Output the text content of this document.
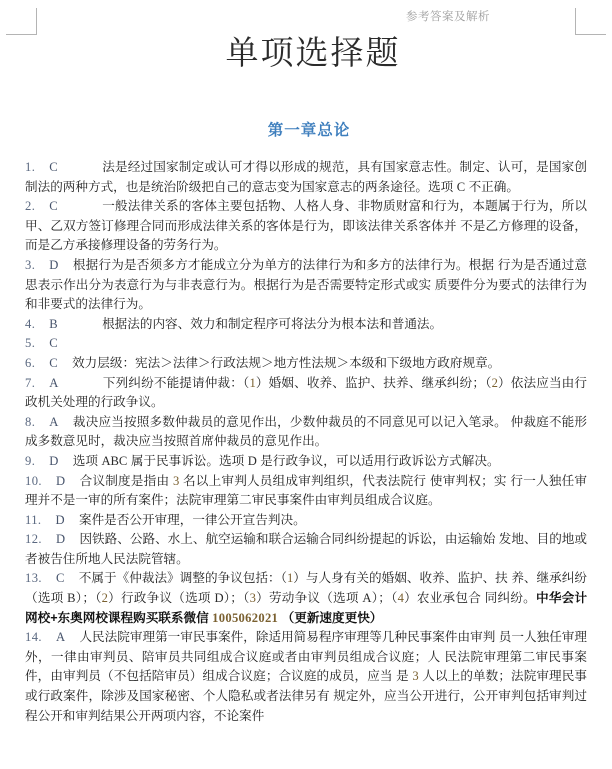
参考答案及解析
单项选择题
第一章总论

1. C	法是经过国家制定或认可才得以形成的规范，具有国家意志性。制定、认可，是国家创制法的两种方式，也是统治阶级把自己的意志变为国家意志的两条途径。选项 C 不正确。

2. C	一般法律关系的客体主要包括物、人格人身、非物质财富和行为，本题属于行为，所以甲、乙双方签订修理合同而形成法律关系的客体是行为，即该法律关系客体并 不是乙方修理的设备，而是乙方承接修理设备的劳务行为。

3. D 根据行为是否须多方才能成立分为单方的法律行为和多方的法律行为。根据 行为是否通过意思表示作出分为表意行为与非表意行为。根据行为是否需要特定形式或实 质要件分为要式的法律行为和非要式的法律行为。

4. B	根据法的内容、效力和制定程序可将法分为根本法和普通法。

5. C

6. C 效力层级：宪法＞法律＞行政法规＞地方性法规＞本级和下级地方政府规章。

7. A	下列纠纷不能提请仲裁：（1）婚姻、收养、监护、扶养、继承纠纷；（2）依法应当由行政机关处理的行政争议。

8. A 裁决应当按照多数仲裁员的意见作出，少数仲裁员的不同意见可以记入笔录。 仲裁庭不能形成多数意见时，裁决应当按照首席仲裁员的意见作出。

9. D 选项 ABC 属于民事诉讼。选项 D 是行政争议，可以适用行政诉讼方式解决。

10. D 合议制度是指由 3 名以上审判人员组成审判组织，代表法院行 使审判权；实 行一人独任审理并不是一审的所有案件；法院审理第二审民事案件由审判员组成合议庭。

11. D 案件是否公开审理，一律公开宣告判决。

12. D 因铁路、公路、水上、航空运输和联合运输合同纠纷提起的诉讼，由运输始 发地、目的地或者被告住所地人民法院管辖。

13. C 不属于《仲裁法》调整的争议包括：（1）与人身有关的婚姻、收养、监护、扶 养、继承纠纷（选项 B）；（2）行政争议（选项 D）；（3）劳动争议（选项 A）；（4）农业承包合 同纠纷。中华会计网校+东奥网校课程购买联系微信 1005062021 （更新速度更快）

14. A 人民法院审理第一审民事案件，除适用简易程序审理等几种民事案件由审判 员一人独任审理外，一律由审判员、陪审员共同组成合议庭或者由审判员组成合议庭；人 民法院审理第二审民事案件，由审判员（不包括陪审员）组成合议庭；合议庭的成员，应当 是 3 人以上的单数；法院审理民事或行政案件，除涉及国家秘密、个人隐私或者法律另有 规定外，应当公开进行，公开审判包括审判过程公开和审判结果公开两项内容，不论案件
